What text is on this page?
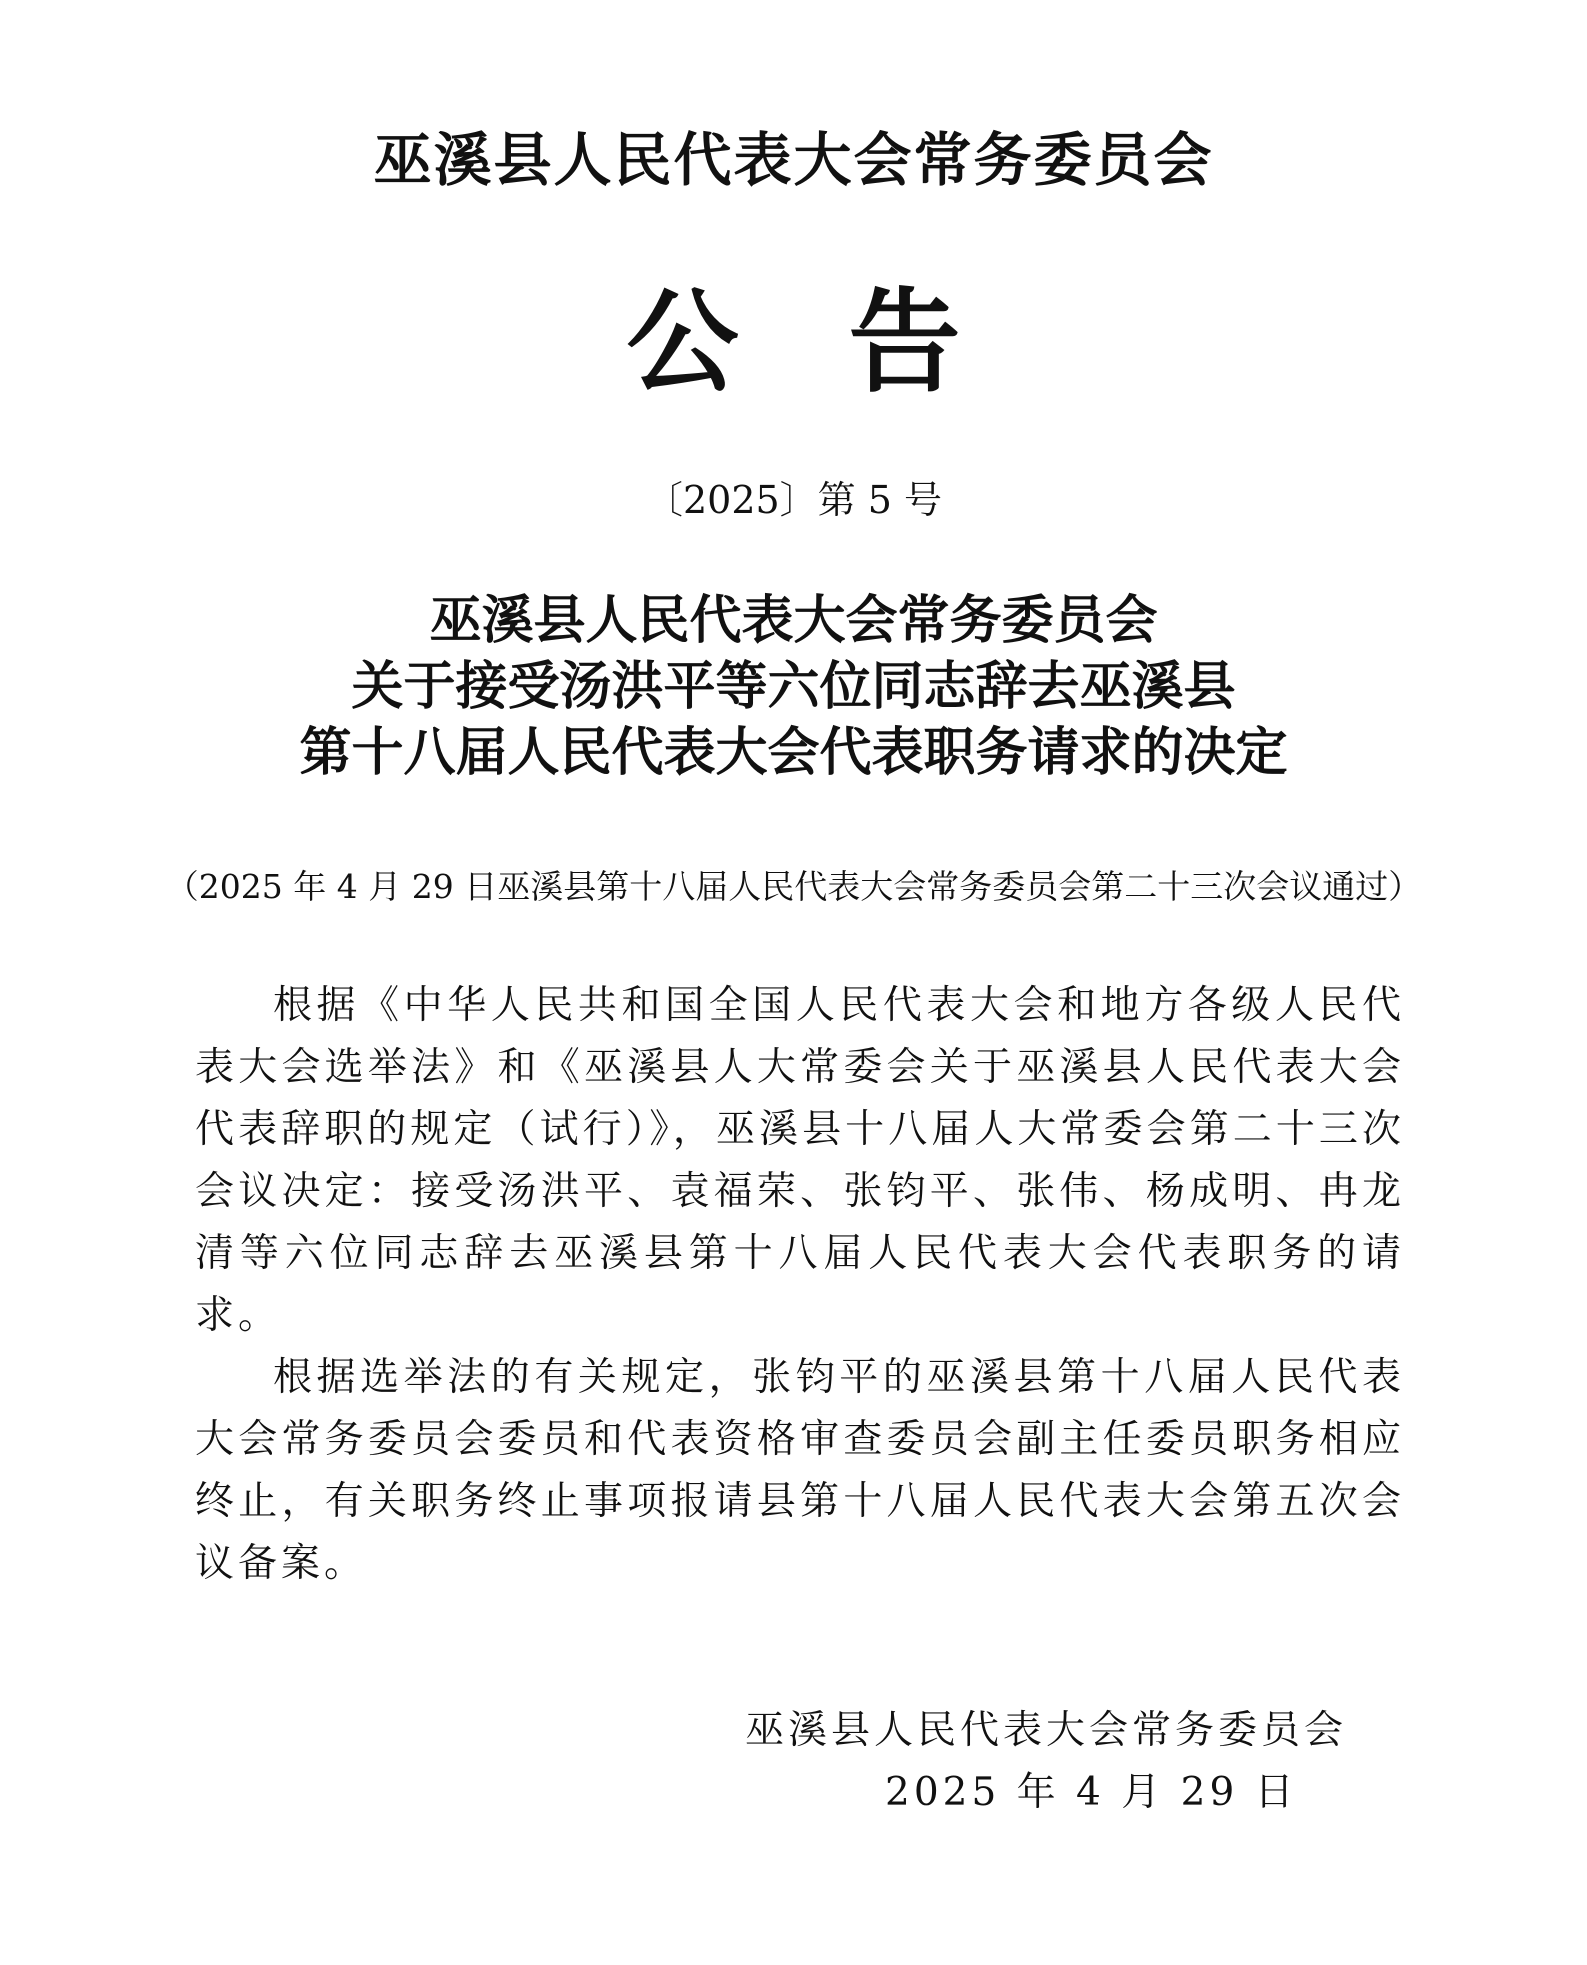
巫溪县人民代表大会常务委员会
公 告
〔2025〕第 5 号
巫溪县人民代表大会常务委员会
关于接受汤洪平等六位同志辞去巫溪县
第十八届人民代表大会代表职务请求的决定
（2025 年 4 月 29 日巫溪县第十八届人民代表大会常务委员会第二十三次会议通过）

根据《中华人民共和国全国人民代表大会和地方各级人民代表大会选举法》和《巫溪县人大常委会关于巫溪县人民代表大会代表辞职的规定（试行）》，巫溪县十八届人大常委会第二十三次会议决定：接受汤洪平、袁福荣、张钧平、张伟、杨成明、冉龙清等六位同志辞去巫溪县第十八届人民代表大会代表职务的请求。

根据选举法的有关规定，张钧平的巫溪县第十八届人民代表大会常务委员会委员和代表资格审查委员会副主任委员职务相应终止，有关职务终止事项报请县第十八届人民代表大会第五次会议备案。

巫溪县人民代表大会常务委员会
2025 年 4 月 29 日
